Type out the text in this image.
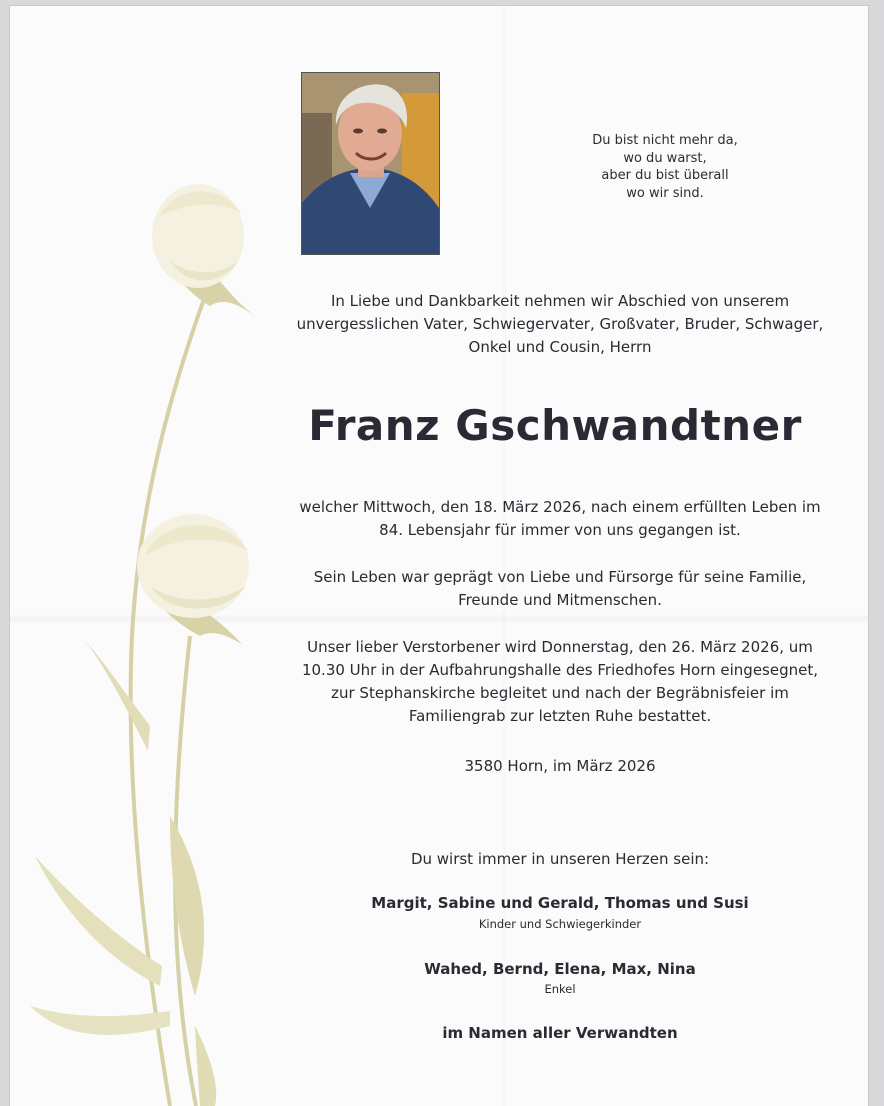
Du bist nicht mehr da,
wo du warst,
aber du bist überall
wo wir sind.
In Liebe und Dankbarkeit nehmen wir Abschied von unserem
unvergesslichen Vater, Schwiegervater, Großvater, Bruder, Schwager,
Onkel und Cousin, Herrn
Franz Gschwandtner
welcher Mittwoch, den 18. März 2026, nach einem erfüllten Leben im
84. Lebensjahr für immer von uns gegangen ist.
Sein Leben war geprägt von Liebe und Fürsorge für seine Familie,
Freunde und Mitmenschen.
Unser lieber Verstorbener wird Donnerstag, den 26. März 2026, um
10.30 Uhr in der Aufbahrungshalle des Friedhofes Horn eingesegnet,
zur Stephanskirche begleitet und nach der Begräbnisfeier im
Familiengrab zur letzten Ruhe bestattet.
3580 Horn, im März 2026
Du wirst immer in unseren Herzen sein:
Margit, Sabine und Gerald, Thomas und Susi
Kinder und Schwiegerkinder
Wahed, Bernd, Elena, Max, Nina
Enkel
im Namen aller Verwandten
